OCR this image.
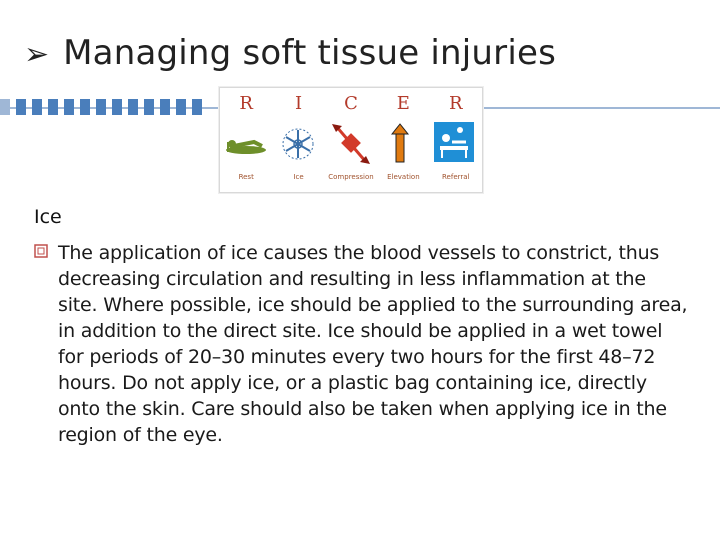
➢ Managing soft tissue injuries
R	I	C	E	R
Rest	Ice	Compression	Elevation	Referral
Ice
The application of ice causes the blood vessels to constrict, thus decreasing circulation and resulting in less inflammation at the site. Where possible, ice should be applied to the surrounding area, in addition to the direct site. Ice should be applied in a wet towel for periods of 20–30 minutes every two hours for the first 48–72 hours. Do not apply ice, or a plastic bag containing ice, directly onto the skin. Care should also be taken when applying ice in the region of the eye.
